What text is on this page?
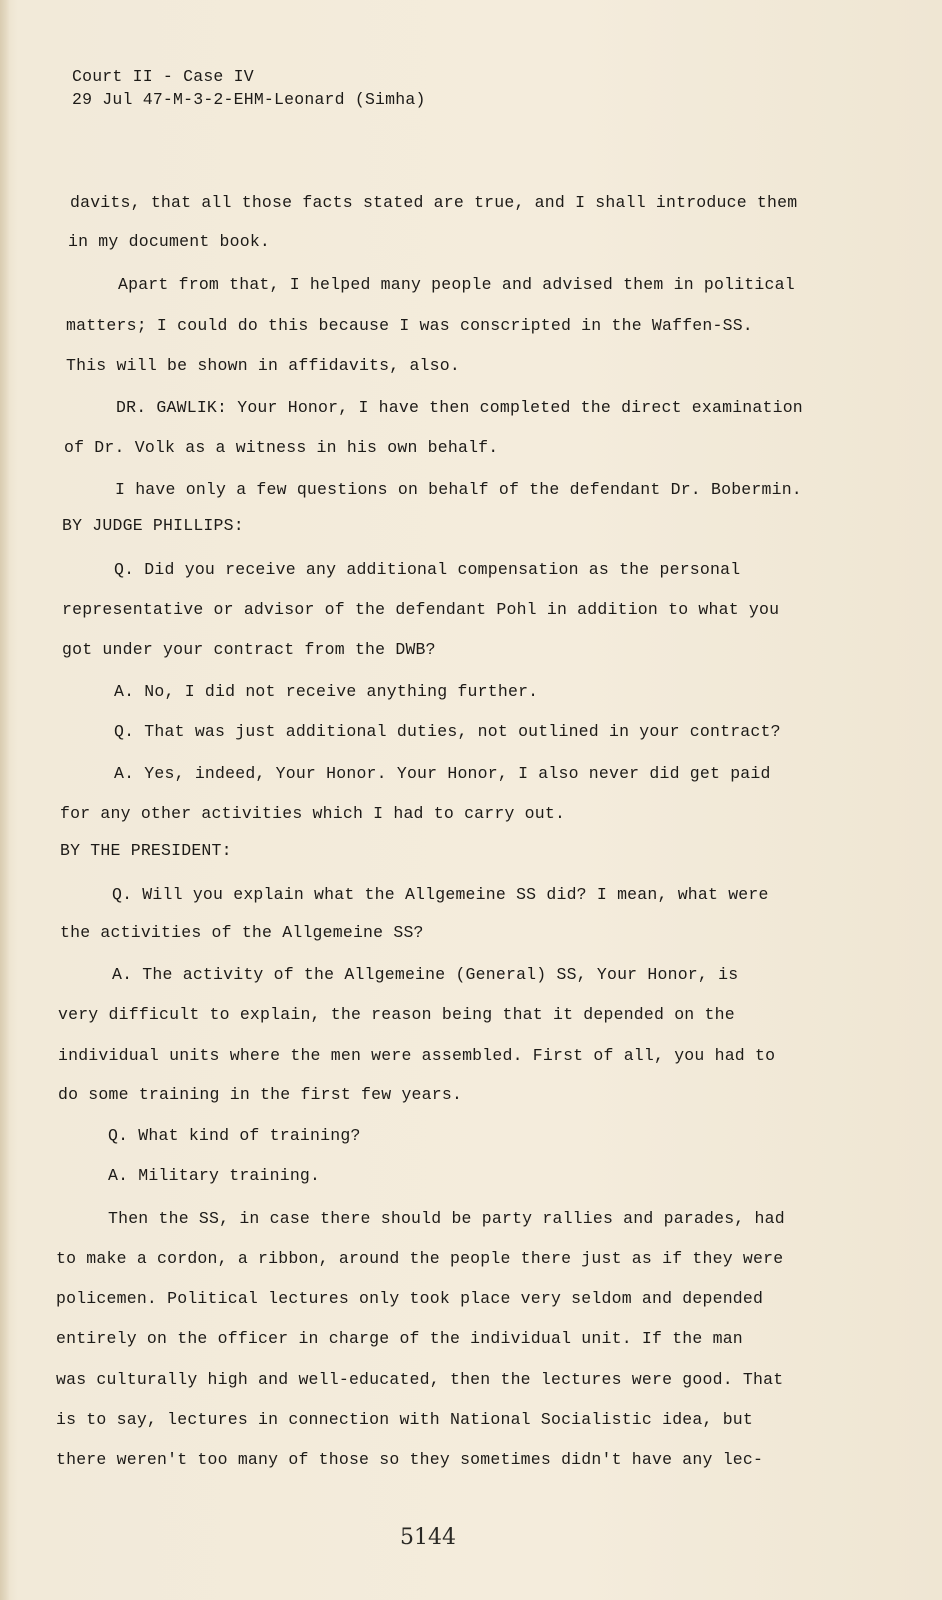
Court II - Case IV
29 Jul 47-M-3-2-EHM-Leonard (Simha)
davits, that all those facts stated are true, and I shall introduce them
in my document book.
Apart from that, I helped many people and advised them in political
matters; I could do this because I was conscripted in the Waffen-SS.
This will be shown in affidavits, also.
DR. GAWLIK: Your Honor, I have then completed the direct examination
of Dr. Volk as a witness in his own behalf.
I have only a few questions on behalf of the defendant Dr. Bobermin.
BY JUDGE PHILLIPS:
Q. Did you receive any additional compensation as the personal
representative or advisor of the defendant Pohl in addition to what you
got under your contract from the DWB?
A. No, I did not receive anything further.
Q. That was just additional duties, not outlined in your contract?
A. Yes, indeed, Your Honor. Your Honor, I also never did get paid
for any other activities which I had to carry out.
BY THE PRESIDENT:
Q. Will you explain what the Allgemeine SS did? I mean, what were
the activities of the Allgemeine SS?
A. The activity of the Allgemeine (General) SS, Your Honor, is
very difficult to explain, the reason being that it depended on the
individual units where the men were assembled. First of all, you had to
do some training in the first few years.
Q. What kind of training?
A. Military training.
Then the SS, in case there should be party rallies and parades, had
to make a cordon, a ribbon, around the people there just as if they were
policemen. Political lectures only took place very seldom and depended
entirely on the officer in charge of the individual unit. If the man
was culturally high and well-educated, then the lectures were good. That
is to say, lectures in connection with National Socialistic idea, but
there weren't too many of those so they sometimes didn't have any lec-
5144
